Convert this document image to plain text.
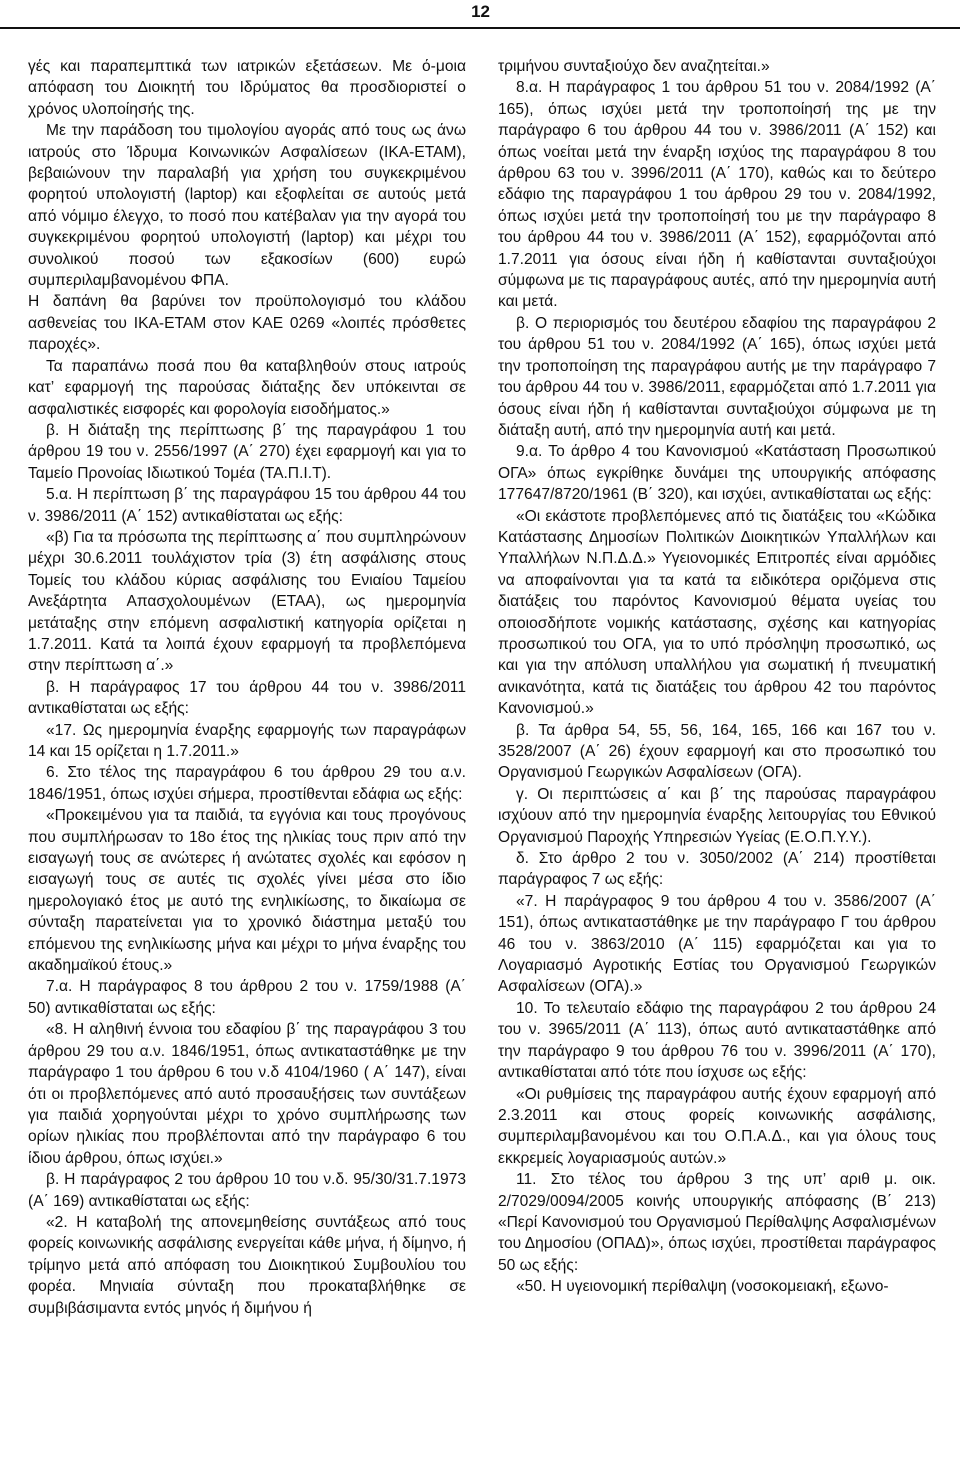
12

γές και παραπεμπτικά των ιατρικών εξετάσεων. Με ό-μοια απόφαση του Διοικητή του Ιδρύματος θα προσδιοριστεί ο χρόνος υλοποίησής της.

Με την παράδοση του τιμολογίου αγοράς από τους ως άνω ιατρούς στο Ίδρυμα Κοινωνικών Ασφαλίσεων (ΙΚΑ-ΕΤΑΜ), βεβαιώνουν την παραλαβή για χρήση του συγκεκριμένου φορητού υπολογιστή (laptop) και εξοφλείται σε αυτούς μετά από νόμιμο έλεγχο, το ποσό που κατέβαλαν για την αγορά του συγκεκριμένου φορητού υπολογιστή (laptop) και μέχρι του συνολικού ποσού των εξακοσίων (600) ευρώ συμπεριλαμβανομένου ΦΠΑ.

Η δαπάνη θα βαρύνει τον προϋπολογισμό του κλάδου ασθενείας του ΙΚΑ-ΕΤΑΜ στον ΚΑΕ 0269 «λοιπές πρόσθετες παροχές».

Τα παραπάνω ποσά που θα καταβληθούν στους ιατρούς κατ’ εφαρμογή της παρούσας διάταξης δεν υπόκεινται σε ασφαλιστικές εισφορές και φορολογία εισοδήματος.»

β. Η διάταξη της περίπτωσης β΄ της παραγράφου 1 του άρθρου 19 του ν. 2556/1997 (Α΄ 270) έχει εφαρμογή και για το Ταμείο Προνοίας Ιδιωτικού Τομέα (ΤΑ.Π.Ι.Τ).

5.α. Η περίπτωση β΄ της παραγράφου 15 του άρθρου 44 του ν. 3986/2011 (Α΄ 152) αντικαθίσταται ως εξής:

«β) Για τα πρόσωπα της περίπτωσης α΄ που συμπληρώνουν μέχρι 30.6.2011 τουλάχιστον τρία (3) έτη ασφάλισης στους Τομείς του κλάδου κύριας ασφάλισης του Ενιαίου Ταμείου Ανεξάρτητα Απασχολουμένων (ΕΤΑΑ), ως ημερομηνία μετάταξης στην επόμενη ασφαλιστική κατηγορία ορίζεται η 1.7.2011. Κατά τα λοιπά έχουν εφαρμογή τα προβλεπόμενα στην περίπτωση α΄.»

β. Η παράγραφος 17 του άρθρου 44 του ν. 3986/2011 αντικαθίσταται ως εξής:

«17. Ως ημερομηνία έναρξης εφαρμογής των παραγράφων 14 και 15 ορίζεται η 1.7.2011.»

6. Στο τέλος της παραγράφου 6 του άρθρου 29 του α.ν. 1846/1951, όπως ισχύει σήμερα, προστίθενται εδάφια ως εξής:

«Προκειμένου για τα παιδιά, τα εγγόνια και τους προγόνους που συμπλήρωσαν το 18ο έτος της ηλικίας τους πριν από την εισαγωγή τους σε ανώτερες ή ανώτατες σχολές και εφόσον η εισαγωγή τους σε αυτές τις σχολές γίνει μέσα στο ίδιο ημερολογιακό έτος με αυτό της ενηλικίωσης, το δικαίωμα σε σύνταξη παρατείνεται για το χρονικό διάστημα μεταξύ του επόμενου της ενηλικίωσης μήνα και μέχρι το μήνα έναρξης του ακαδημαϊκού έτους.»

7.α. Η παράγραφος 8 του άρθρου 2 του ν. 1759/1988 (Α΄ 50) αντικαθίσταται ως εξής:

«8. Η αληθινή έννοια του εδαφίου β΄ της παραγράφου 3 του άρθρου 29 του α.ν. 1846/1951, όπως αντικαταστάθηκε με την παράγραφο 1 του άρθρου 6 του ν.δ 4104/1960 ( Α΄ 147), είναι ότι οι προβλεπόμενες από αυτό προσαυξήσεις των συντάξεων για παιδιά χορηγούνται μέχρι το χρόνο συμπλήρωσης των ορίων ηλικίας που προβλέπονται από την παράγραφο 6 του ίδιου άρθρου, όπως ισχύει.»

β. Η παράγραφος 2 του άρθρου 10 του ν.δ. 95/30/31.7.1973 (Α΄ 169) αντικαθίσταται ως εξής:

«2. Η καταβολή της απονεμηθείσης συντάξεως από τους φορείς κοινωνικής ασφάλισης ενεργείται κάθε μήνα, ή δίμηνο, ή τρίμηνο μετά από απόφαση του Διοικητικού Συμβουλίου του φορέα. Μηνιαία σύνταξη που προκαταβλήθηκε σε συμβιβάσιμαντα εντός μηνός ή διμήνου ή

τριμήνου συνταξιούχο δεν αναζητείται.»

8.α. Η παράγραφος 1 του άρθρου 51 του ν. 2084/1992 (Α΄ 165), όπως ισχύει μετά την τροποποίησή της με την παράγραφο 6 του άρθρου 44 του ν. 3986/2011 (Α΄ 152) και όπως νοείται μετά την έναρξη ισχύος της παραγράφου 8 του άρθρου 63 του ν. 3996/2011 (Α΄ 170), καθώς και το δεύτερο εδάφιο της παραγράφου 1 του άρθρου 29 του ν. 2084/1992, όπως ισχύει μετά την τροποποίησή του με την παράγραφο 8 του άρθρου 44 του ν. 3986/2011 (Α΄ 152), εφαρμόζονται από 1.7.2011 για όσους είναι ήδη ή καθίστανται συνταξιούχοι σύμφωνα με τις παραγράφους αυτές, από την ημερομηνία αυτή και μετά.

β. Ο περιορισμός του δευτέρου εδαφίου της παραγράφου 2 του άρθρου 51 του ν. 2084/1992 (Α΄ 165), όπως ισχύει μετά την τροποποίηση της παραγράφου αυτής με την παράγραφο 7 του άρθρου 44 του ν. 3986/2011, εφαρμόζεται από 1.7.2011 για όσους είναι ήδη ή καθίστανται συνταξιούχοι σύμφωνα με τη διάταξη αυτή, από την ημερομηνία αυτή και μετά.

9.α. Το άρθρο 4 του Κανονισμού «Κατάσταση Προσωπικού ΟΓΑ» όπως εγκρίθηκε δυνάμει της υπουργικής απόφασης 177647/8720/1961 (Β΄ 320), και ισχύει, αντικαθίσταται ως εξής:

«Οι εκάστοτε προβλεπόμενες από τις διατάξεις του «Κώδικα Κατάστασης Δημοσίων Πολιτικών Διοικητικών Υπαλλήλων και Υπαλλήλων Ν.Π.Δ.Δ.» Υγειονομικές Επιτροπές είναι αρμόδιες να αποφαίνονται για τα κατά τα ειδικότερα οριζόμενα στις διατάξεις του παρόντος Κανονισμού θέματα υγείας του οποιοσδήποτε νομικής κατάστασης, σχέσης και κατηγορίας προσωπικού του ΟΓΑ, για το υπό πρόσληψη προσωπικό, ως και για την απόλυση υπαλλήλου για σωματική ή πνευματική ανικανότητα, κατά τις διατάξεις του άρθρου 42 του παρόντος Κανονισμού.»

β. Τα άρθρα 54, 55, 56, 164, 165, 166 και 167 του ν. 3528/2007 (Α΄ 26) έχουν εφαρμογή και στο προσωπικό του Οργανισμού Γεωργικών Ασφαλίσεων (ΟΓΑ).

γ. Οι περιπτώσεις α΄ και β΄ της παρούσας παραγράφου ισχύουν από την ημερομηνία έναρξης λειτουργίας του Εθνικού Οργανισμού Παροχής Υπηρεσιών Υγείας (Ε.Ο.Π.Υ.Υ.).

δ. Στο άρθρο 2 του ν. 3050/2002 (Α΄ 214) προστίθεται παράγραφος 7 ως εξής:

«7. Η παράγραφος 9 του άρθρου 4 του ν. 3586/2007 (Α΄ 151), όπως αντικαταστάθηκε με την παράγραφο Γ του άρθρου 46 του ν. 3863/2010 (Α΄ 115) εφαρμόζεται και για το Λογαριασμό Αγροτικής Εστίας του Οργανισμού Γεωργικών Ασφαλίσεων (ΟΓΑ).»

10. Το τελευταίο εδάφιο της παραγράφου 2 του άρθρου 24 του ν. 3965/2011 (Α΄ 113), όπως αυτό αντικαταστάθηκε από την παράγραφο 9 του άρθρου 76 του ν. 3996/2011 (Α΄ 170), αντικαθίσταται από τότε που ίσχυσε ως εξής:

«Οι ρυθμίσεις της παραγράφου αυτής έχουν εφαρμογή από 2.3.2011 και στους φορείς κοινωνικής ασφάλισης, συμπεριλαμβανομένου και του Ο.Π.Α.Δ., και για όλους τους εκκρεμείς λογαριασμούς αυτών.»

11. Στο τέλος του άρθρου 3 της υπ’ αριθ μ. οικ. 2/7029/0094/2005 κοινής υπουργικής απόφασης (Β΄ 213) «Περί Κανονισμού του Οργανισμού Περίθαλψης Ασφαλισμένων του Δημοσίου (ΟΠΑΔ)», όπως ισχύει, προστίθεται παράγραφος 50 ως εξής:

«50. Η υγειονομική περίθαλψη (νοσοκομειακή, εξωνο-
